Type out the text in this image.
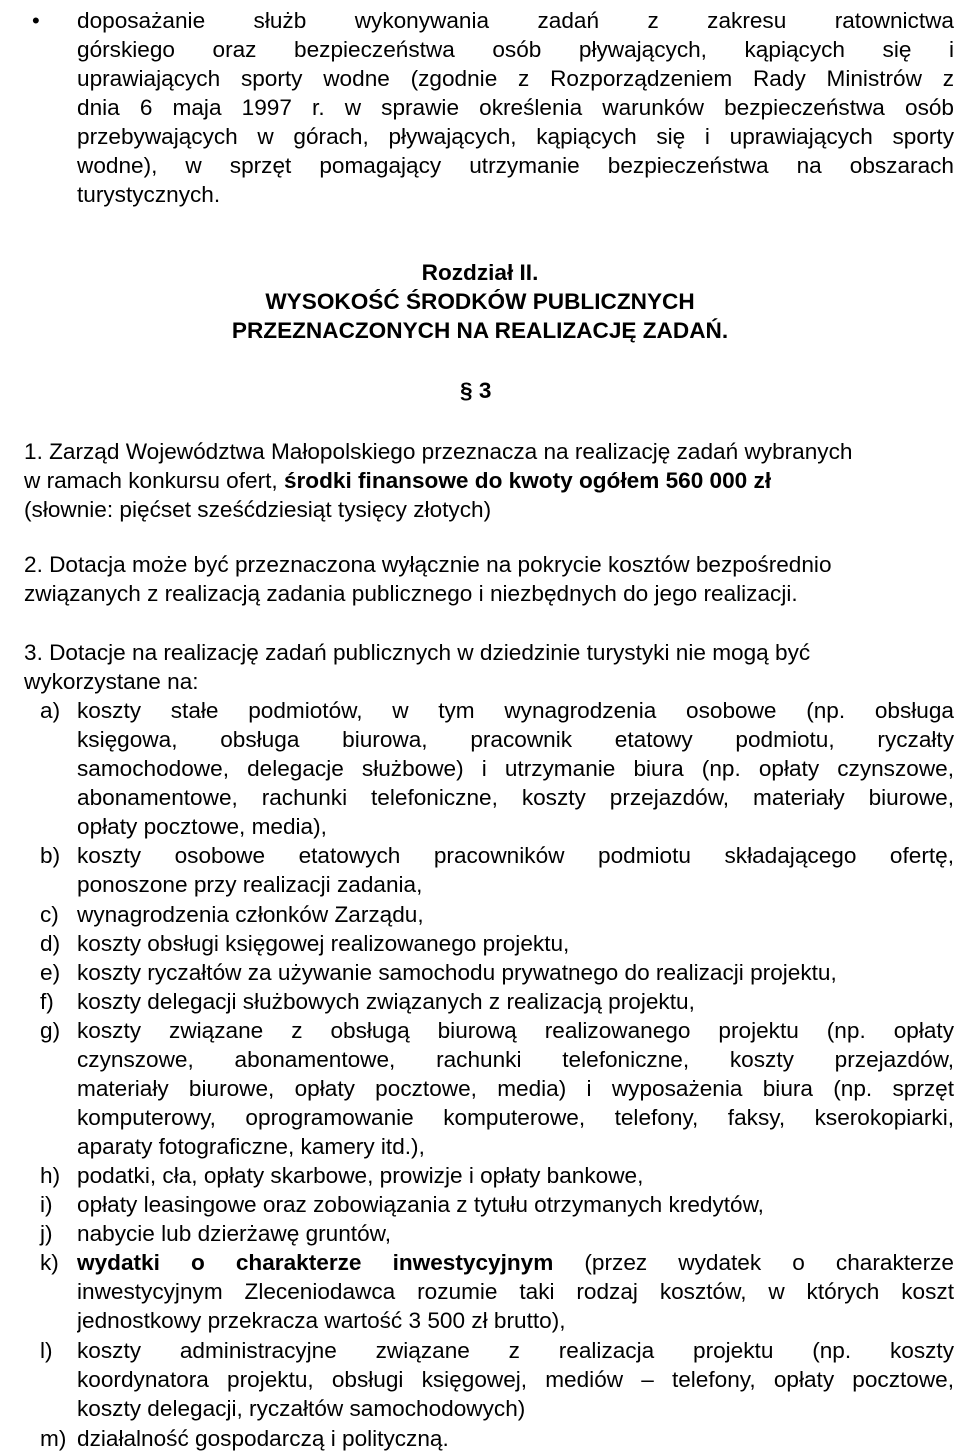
• doposażanie służb wykonywania zadań z zakresu ratownictwa
górskiego oraz bezpieczeństwa osób pływających, kąpiących się i
uprawiających sporty wodne (zgodnie z Rozporządzeniem Rady Ministrów z
dnia 6 maja 1997 r. w sprawie określenia warunków bezpieczeństwa osób
przebywających w górach, pływających, kąpiących się i uprawiających sporty
wodne), w sprzęt pomagający utrzymanie bezpieczeństwa na obszarach
turystycznych.
Rozdział II.
WYSOKOŚĆ ŚRODKÓW PUBLICZNYCH
PRZEZNACZONYCH NA REALIZACJĘ ZADAŃ.
§ 3
1. Zarząd Województwa Małopolskiego przeznacza na realizację zadań wybranych
w ramach konkursu ofert, środki finansowe do kwoty ogółem 560 000 zł
(słownie: pięćset sześćdziesiąt tysięcy złotych)
2. Dotacja może być przeznaczona wyłącznie na pokrycie kosztów bezpośrednio
związanych z realizacją zadania publicznego i niezbędnych do jego realizacji.
3. Dotacje na realizację zadań publicznych w dziedzinie turystyki nie mogą być
wykorzystane na:
a) koszty stałe podmiotów, w tym wynagrodzenia osobowe (np. obsługa
księgowa, obsługa biurowa, pracownik etatowy podmiotu, ryczałty
samochodowe, delegacje służbowe) i utrzymanie biura (np. opłaty czynszowe,
abonamentowe, rachunki telefoniczne, koszty przejazdów, materiały biurowe,
opłaty pocztowe, media),
b) koszty osobowe etatowych pracowników podmiotu składającego ofertę,
ponoszone przy realizacji zadania,
c) wynagrodzenia członków Zarządu,
d) koszty obsługi księgowej realizowanego projektu,
e) koszty ryczałtów za używanie samochodu prywatnego do realizacji projektu,
f) koszty delegacji służbowych związanych z realizacją projektu,
g) koszty związane z obsługą biurową realizowanego projektu (np. opłaty
czynszowe, abonamentowe, rachunki telefoniczne, koszty przejazdów,
materiały biurowe, opłaty pocztowe, media) i wyposażenia biura (np. sprzęt
komputerowy, oprogramowanie komputerowe, telefony, faksy, kserokopiarki,
aparaty fotograficzne, kamery itd.),
h) podatki, cła, opłaty skarbowe, prowizje i opłaty bankowe,
i) opłaty leasingowe oraz zobowiązania z tytułu otrzymanych kredytów,
j) nabycie lub dzierżawę gruntów,
k) wydatki o charakterze inwestycyjnym (przez wydatek o charakterze
inwestycyjnym Zleceniodawca rozumie taki rodzaj kosztów, w których koszt
jednostkowy przekracza wartość 3 500 zł brutto),
l) koszty administracyjne związane z realizacja projektu (np. koszty
koordynatora projektu, obsługi księgowej, mediów – telefony, opłaty pocztowe,
koszty delegacji, ryczałtów samochodowych)
m) działalność gospodarczą i polityczną.
